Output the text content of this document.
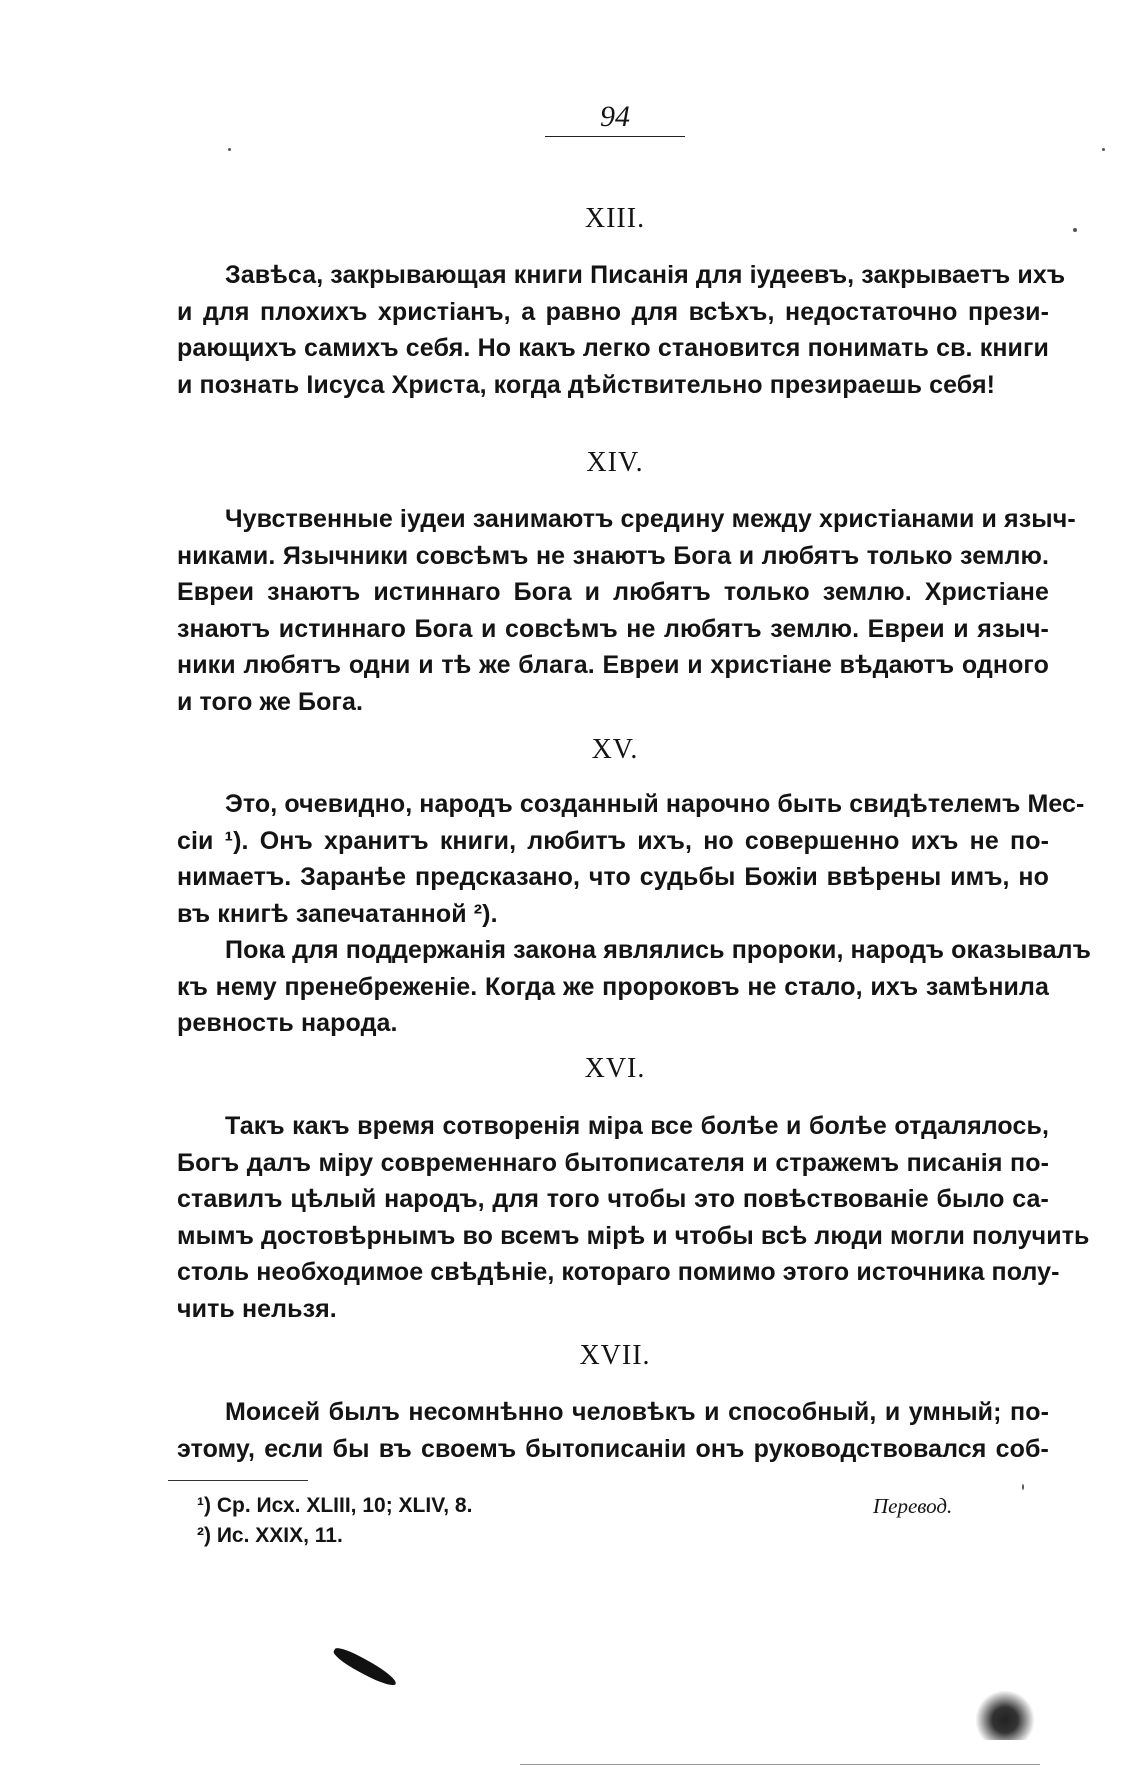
94
XIII.
Завѣса, закрывающая книги Писанія для іудеевъ, закрываетъ ихъ
и для плохихъ христіанъ, а равно для всѣхъ, недостаточно прези-
рающихъ самихъ себя. Но какъ легко становится понимать св. книги
и познать Іисуса Христа, когда дѣйствительно презираешь себя!
XIV.
Чувственные іудеи занимаютъ средину между христіанами и языч-
никами. Язычники совсѣмъ не знаютъ Бога и любятъ только землю.
Евреи знаютъ истиннаго Бога и любятъ только землю. Христіане
знаютъ истиннаго Бога и совсѣмъ не любятъ землю. Евреи и языч-
ники любятъ одни и тѣ же блага. Евреи и христіане вѣдаютъ одного
и того же Бога.
XV.
Это, очевидно, народъ созданный нарочно быть свидѣтелемъ Мес-
сіи ¹). Онъ хранитъ книги, любитъ ихъ, но совершенно ихъ не по-
нимаетъ. Заранѣе предсказано, что судьбы Божіи ввѣрены имъ, но
въ книгѣ запечатанной ²).
Пока для поддержанія закона являлись пророки, народъ оказывалъ
къ нему пренебреженіе. Когда же пророковъ не стало, ихъ замѣнила
ревность народа.
XVI.
Такъ какъ время сотворенія міра все болѣе и болѣе отдалялось,
Богъ далъ міру современнаго бытописателя и стражемъ писанія по-
ставилъ цѣлый народъ, для того чтобы это повѣствованіе было са-
мымъ достовѣрнымъ во всемъ мірѣ и чтобы всѣ люди могли получить
столь необходимое свѣдѣніе, котораго помимо этого источника полу-
чить нельзя.
XVII.
Моисей былъ несомнѣнно человѣкъ и способный, и умный; по-
этому, если бы въ своемъ бытописаніи онъ руководствовался соб-
¹) Ср. Исх. XLIII, 10; XLIV, 8.
²) Ис. XXIX, 11.
Перевод.
